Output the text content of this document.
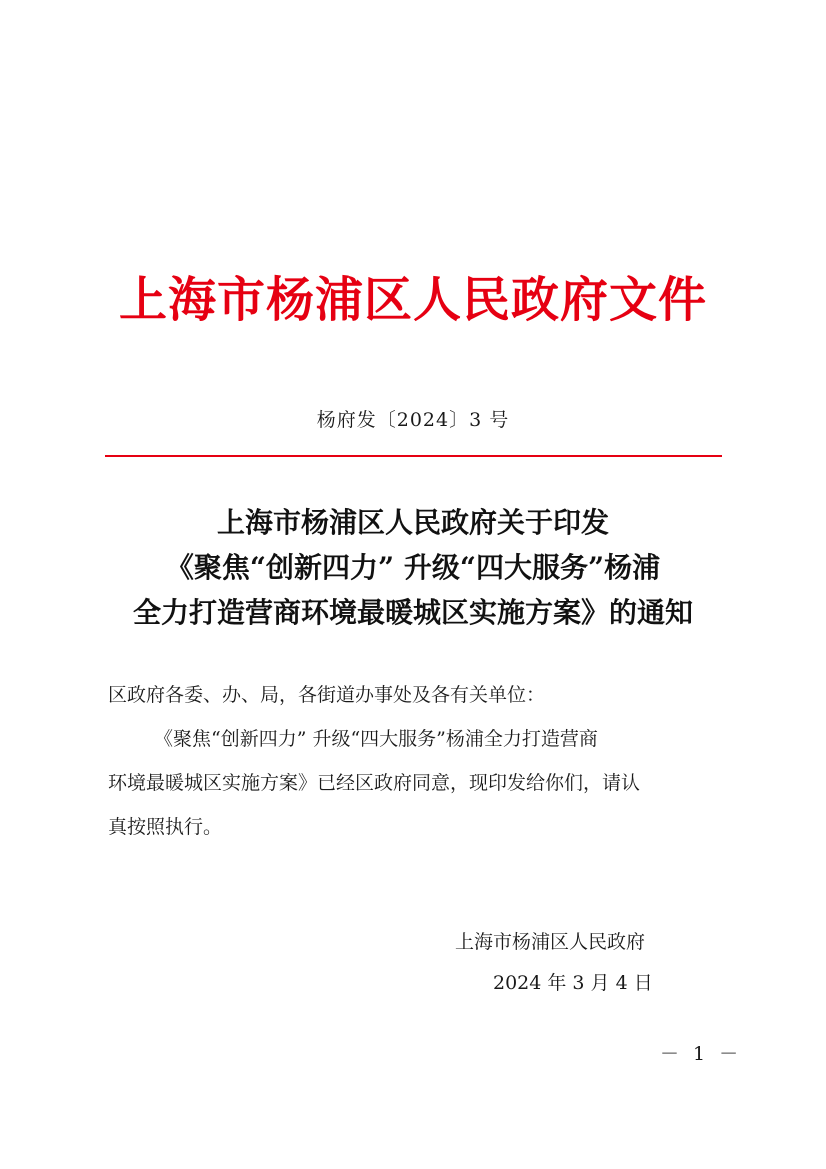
上海市杨浦区人民政府文件
杨府发〔2024〕3 号
上海市杨浦区人民政府关于印发
《聚焦“创新四力” 升级“四大服务”杨浦
全力打造营商环境最暖城区实施方案》的通知
区政府各委、办、局，各街道办事处及各有关单位：
《聚焦“创新四力” 升级“四大服务”杨浦全力打造营商
环境最暖城区实施方案》已经区政府同意，现印发给你们，请认
真按照执行。
上海市杨浦区人民政府
2024 年 3 月 4 日
－ 1 －
